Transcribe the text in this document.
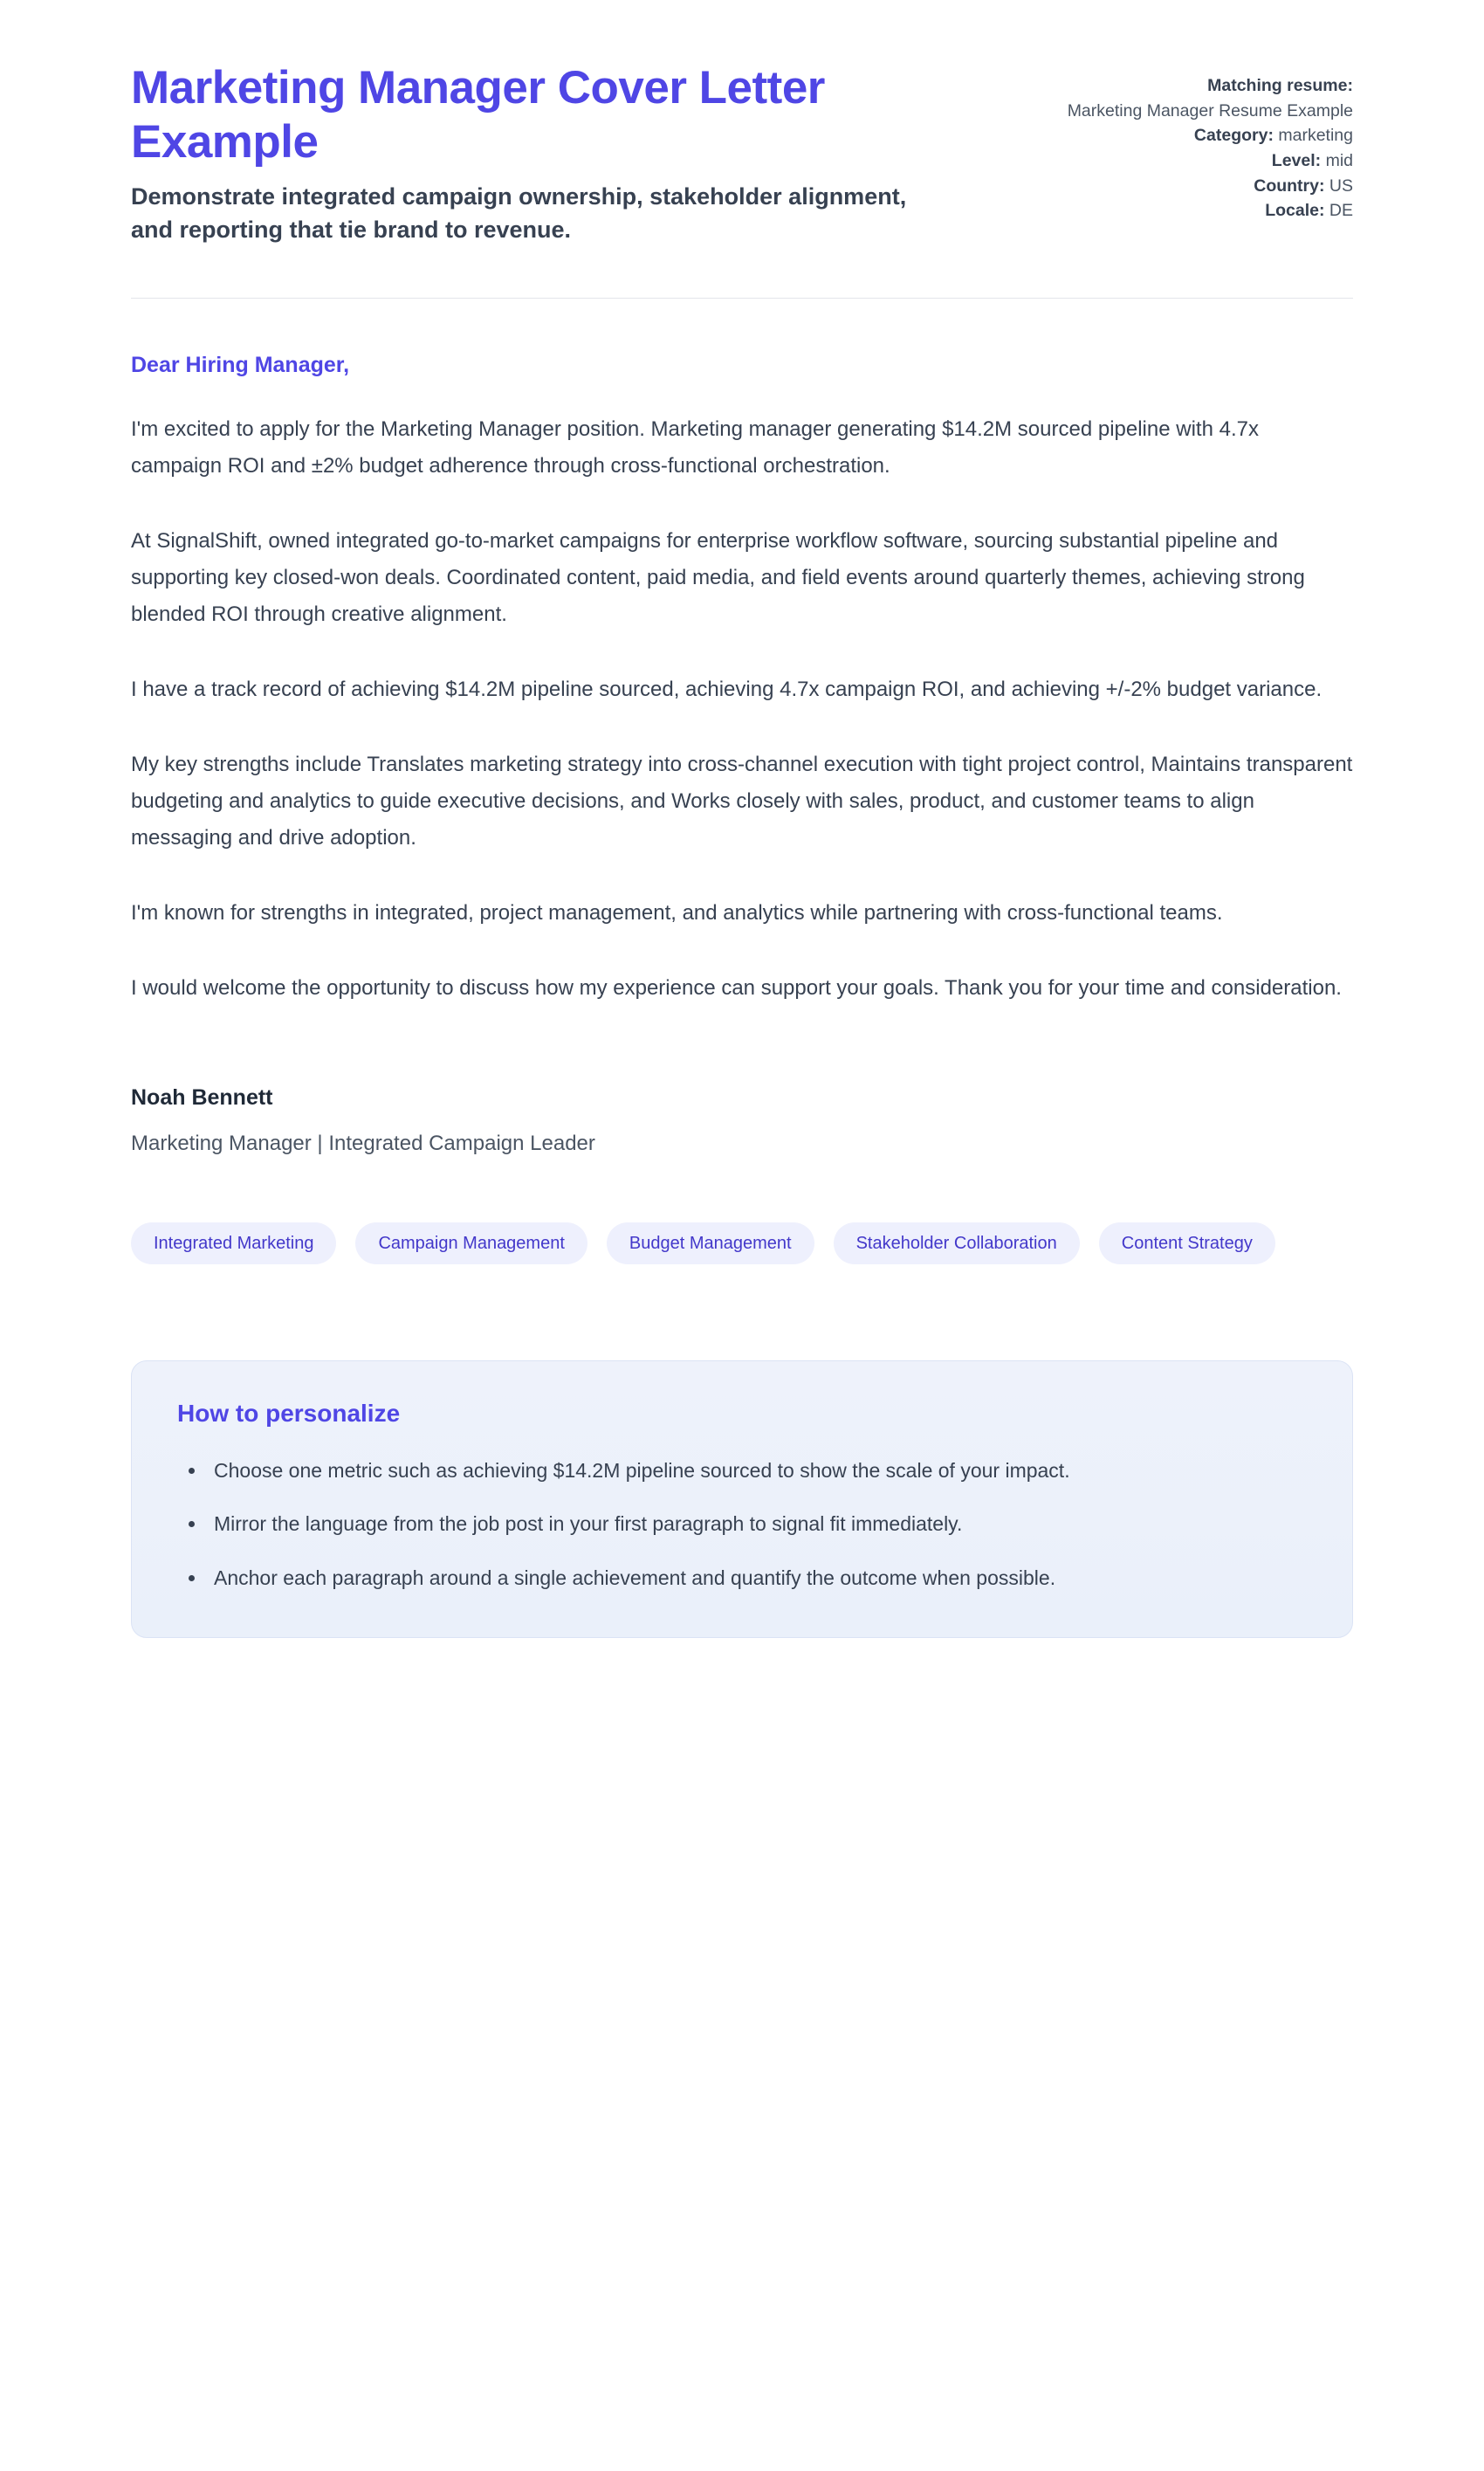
Marketing Manager Cover Letter Example

Demonstrate integrated campaign ownership, stakeholder alignment, and reporting that tie brand to revenue.

Matching resume:
Marketing Manager Resume Example
Category: marketing
Level: mid
Country: US
Locale: DE

Dear Hiring Manager,

I'm excited to apply for the Marketing Manager position. Marketing manager generating $14.2M sourced pipeline with 4.7x campaign ROI and ±2% budget adherence through cross-functional orchestration.

At SignalShift, owned integrated go-to-market campaigns for enterprise workflow software, sourcing substantial pipeline and supporting key closed-won deals. Coordinated content, paid media, and field events around quarterly themes, achieving strong blended ROI through creative alignment.

I have a track record of achieving $14.2M pipeline sourced, achieving 4.7x campaign ROI, and achieving +/-2% budget variance.

My key strengths include Translates marketing strategy into cross-channel execution with tight project control, Maintains transparent budgeting and analytics to guide executive decisions, and Works closely with sales, product, and customer teams to align messaging and drive adoption.

I'm known for strengths in integrated, project management, and analytics while partnering with cross-functional teams.

I would welcome the opportunity to discuss how my experience can support your goals. Thank you for your time and consideration.

Noah Bennett

Marketing Manager | Integrated Campaign Leader

Integrated Marketing	Campaign Management	Budget Management	Stakeholder Collaboration	Content Strategy
How to personalize
• Choose one metric such as achieving $14.2M pipeline sourced to show the scale of your impact.
• Mirror the language from the job post in your first paragraph to signal fit immediately.
• Anchor each paragraph around a single achievement and quantify the outcome when possible.
